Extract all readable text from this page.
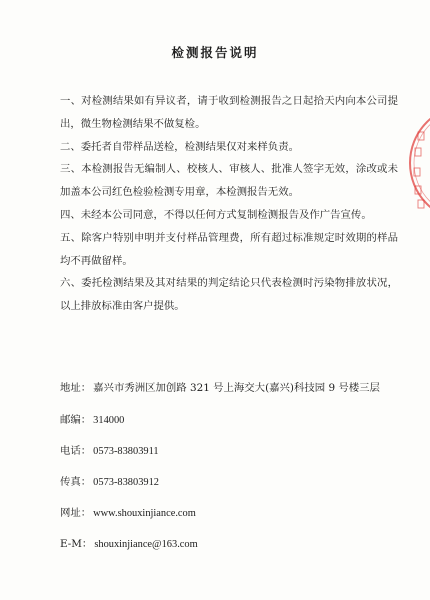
检测报告说明

一、对检测结果如有异议者，请于收到检测报告之日起拾天内向本公司提出，微生物检测结果不做复检。

二、委托者自带样品送检，检测结果仅对来样负责。

三、本检测报告无编制人、校核人、审核人、批准人签字无效，涂改或未加盖本公司红色检验检测专用章，本检测报告无效。

四、未经本公司同意，不得以任何方式复制检测报告及作广告宣传。

五、除客户特别申明并支付样品管理费，所有超过标准规定时效期的样品均不再做留样。

六、委托检测结果及其对结果的判定结论只代表检测时污染物排放状况，以上排放标准由客户提供。

地址： 嘉兴市秀洲区加创路 321 号上海交大(嘉兴)科技园 9 号楼三层

邮编： 314000

电话： 0573-83803911

传真： 0573-83803912

网址： www.shouxinjiance.com

E-M： shouxinjiance@163.com
